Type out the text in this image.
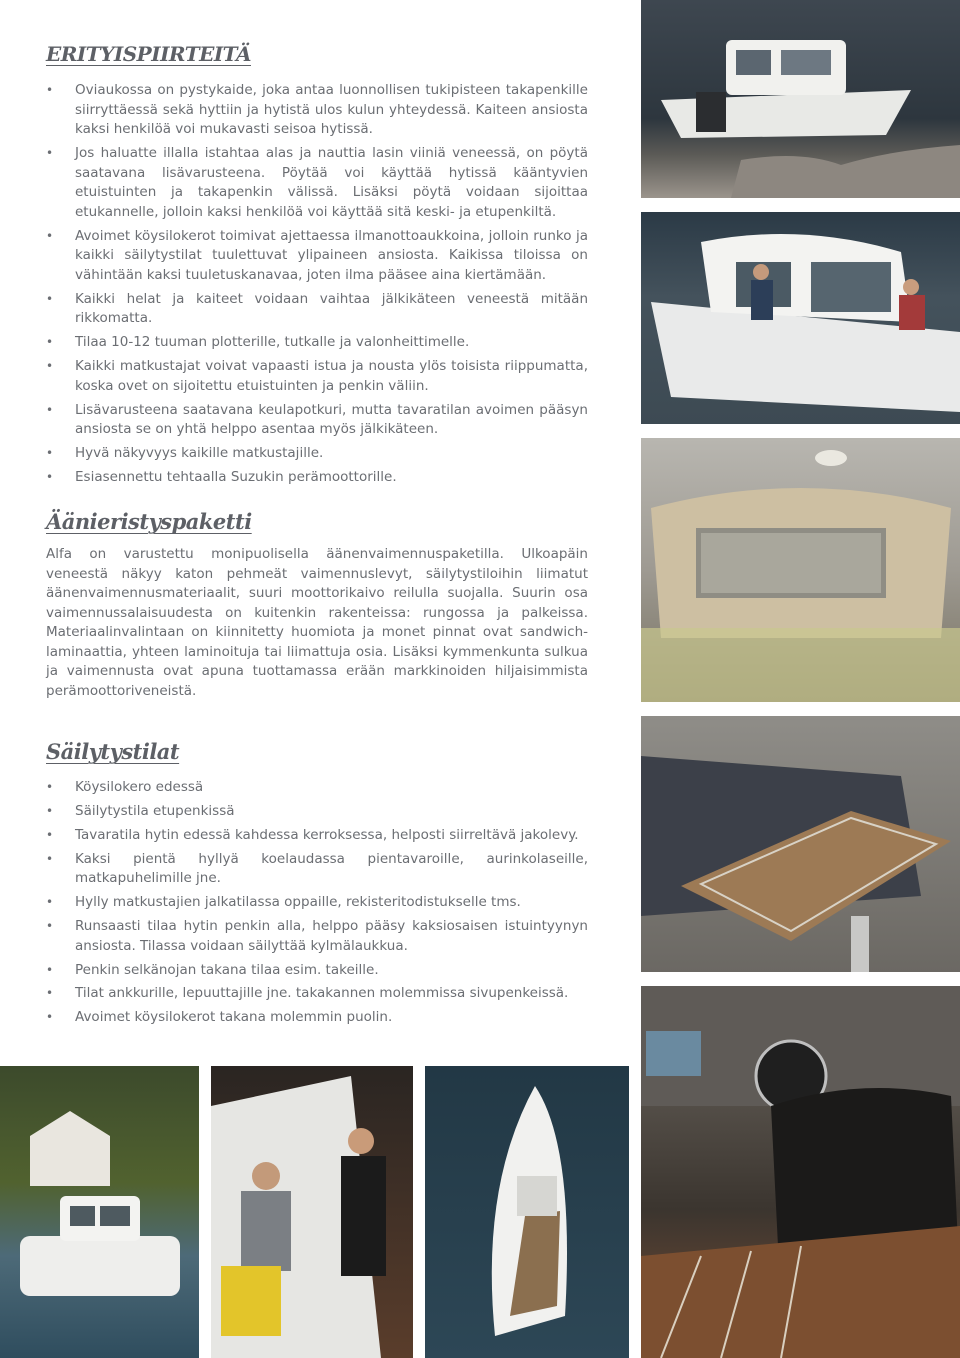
ERITYISPIIRTEITÄ
• Oviaukossa on pystykaide, joka antaa luonnollisen tukipisteen takapenkille siirryttäessä sekä hyttiin ja hytistä ulos kulun yhteydessä. Kaiteen ansiosta kaksi henkilöä voi mukavasti seisoa hytissä.
• Jos haluatte illalla istahtaa alas ja nauttia lasin viiniä veneessä, on pöytä saatavana lisävarusteena. Pöytää voi käyttää hytissä kääntyvien etuistuinten ja takapenkin välissä. Lisäksi pöytä voidaan sijoittaa etukannelle, jolloin kaksi henkilöä voi käyttää sitä keski- ja etupenkiltä.
• Avoimet köysilokerot toimivat ajettaessa ilmanottoaukkoina, jolloin runko ja kaikki säilytystilat tuulettuvat ylipaineen ansiosta. Kaikissa tiloissa on vähintään kaksi tuuletuskanavaa, joten ilma pääsee aina kiertämään.
• Kaikki helat ja kaiteet voidaan vaihtaa jälkikäteen veneestä mitään rikkomatta.
• Tilaa 10-12 tuuman plotterille, tutkalle ja valonheittimelle.
• Kaikki matkustajat voivat vapaasti istua ja nousta ylös toisista riippumatta, koska ovet on sijoitettu etuistuinten ja penkin väliin.
• Lisävarusteena saatavana keulapotkuri, mutta tavaratilan avoimen pääsyn ansiosta se on yhtä helppo asentaa myös jälkikäteen.
• Hyvä näkyvyys kaikille matkustajille.
• Esiasennettu tehtaalla Suzukin perämoottorille.
Äänieristyspaketti

Alfa on varustettu monipuolisella äänenvaimennuspaketilla. Ulkoapäin veneestä näkyy katon pehmeät vaimennuslevyt, säilytystiloihin liimatut äänenvaimennusmateriaalit, suuri moottorikaivo reilulla suojalla. Suurin osa vaimennussalaisuudesta on kuitenkin rakenteissa: rungossa ja palkeissa. Materiaalinvalintaan on kiinnitetty huomiota ja monet pinnat ovat sandwich-laminaattia, yhteen laminoituja tai liimattuja osia. Lisäksi kymmenkunta sulkua ja vaimennusta ovat apuna tuottamassa erään markkinoiden hiljaisimmista perämoottoriveneistä.

Säilytystilat
• Köysilokero edessä
• Säilytystila etupenkissä
• Tavaratila hytin edessä kahdessa kerroksessa, helposti siirreltävä jakolevy.
• Kaksi pientä hyllyä koelaudassa pientavaroille, aurinkolaseille, matkapuhelimille jne.
• Hylly matkustajien jalkatilassa oppaille, rekisteritodistukselle tms.
• Runsaasti tilaa hytin penkin alla, helppo pääsy kaksiosaisen istuintyynyn ansiosta. Tilassa voidaan säilyttää kylmälaukkua.
• Penkin selkänojan takana tilaa esim. takeille.
• Tilat ankkurille, lepuuttajille jne. takakannen molemmissa sivupenkeissä.
• Avoimet köysilokerot takana molemmin puolin.
